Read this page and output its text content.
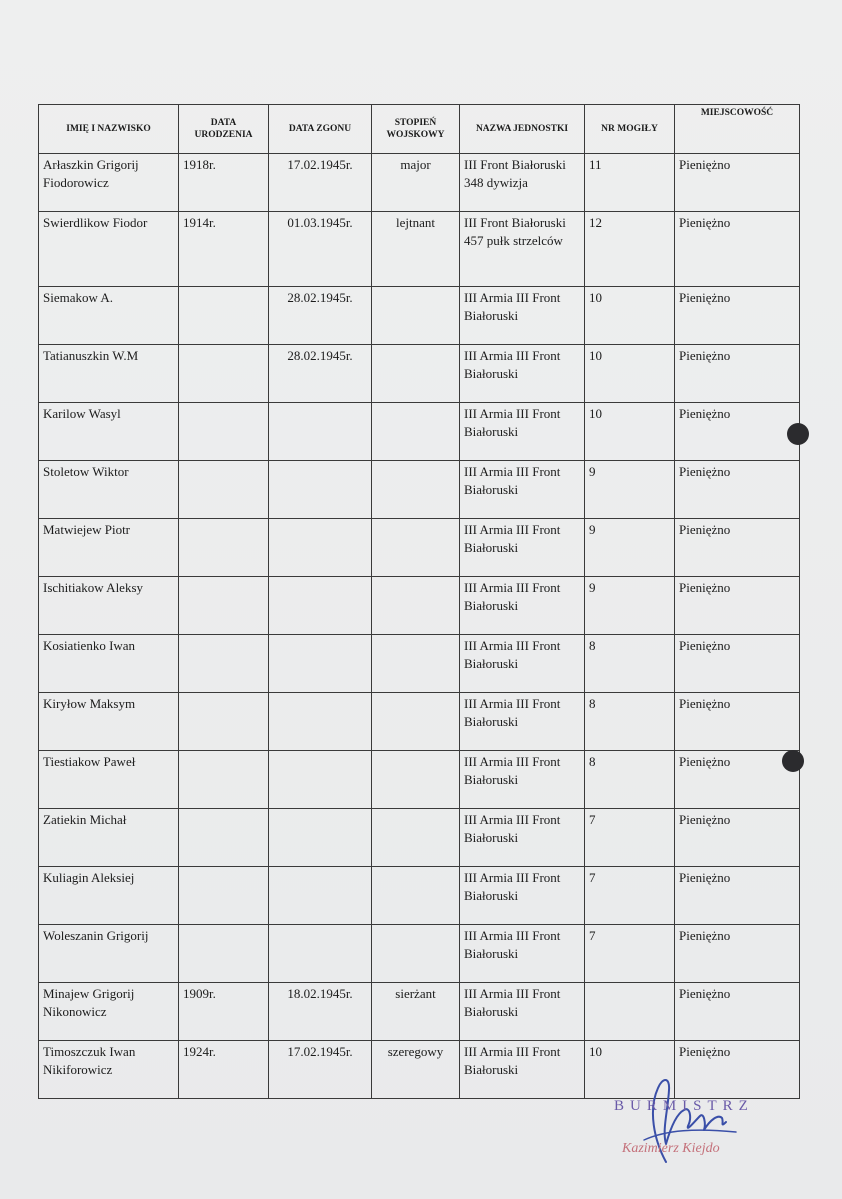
IMIĘ I NAZWISKO	DATA URODZENIA	DATA ZGONU	STOPIEŃ WOJSKOWY	NAZWA JEDNOSTKI	NR MOGIŁY	MIEJSCOWOŚĆ
Arłaszkin Grigorij Fiodorowicz	1918r.	17.02.1945r.	major	III Front Białoruski 348 dywizja	11	Pieniężno
Swierdlikow Fiodor	1914r.	01.03.1945r.	lejtnant	III Front Białoruski 457 pułk strzelców	12	Pieniężno
Siemakow A.		28.02.1945r.		III Armia III Front Białoruski	10	Pieniężno
Tatianuszkin W.M		28.02.1945r.		III Armia III Front Białoruski	10	Pieniężno
Karilow Wasyl				III Armia III Front Białoruski	10	Pieniężno
Stoletow Wiktor				III Armia III Front Białoruski	9	Pieniężno
Matwiejew Piotr				III Armia III Front Białoruski	9	Pieniężno
Ischitiakow Aleksy				III Armia III Front Białoruski	9	Pieniężno
Kosiatienko Iwan				III Armia III Front Białoruski	8	Pieniężno
Kiryłow Maksym				III Armia III Front Białoruski	8	Pieniężno
Tiestiakow Paweł				III Armia III Front Białoruski	8	Pieniężno
Zatiekin Michał				III Armia III Front Białoruski	7	Pieniężno
Kuliagin Aleksiej				III Armia III Front Białoruski	7	Pieniężno
Woleszanin Grigorij				III Armia III Front Białoruski	7	Pieniężno
Minajew Grigorij Nikonowicz	1909r.	18.02.1945r.	sierżant	III Armia III Front Białoruski		Pieniężno
Timoszczuk Iwan Nikiforowicz	1924r.	17.02.1945r.	szeregowy	III Armia III Front Białoruski	10	Pieniężno
BURMISTRZ
Kazimierz Kiejdo
